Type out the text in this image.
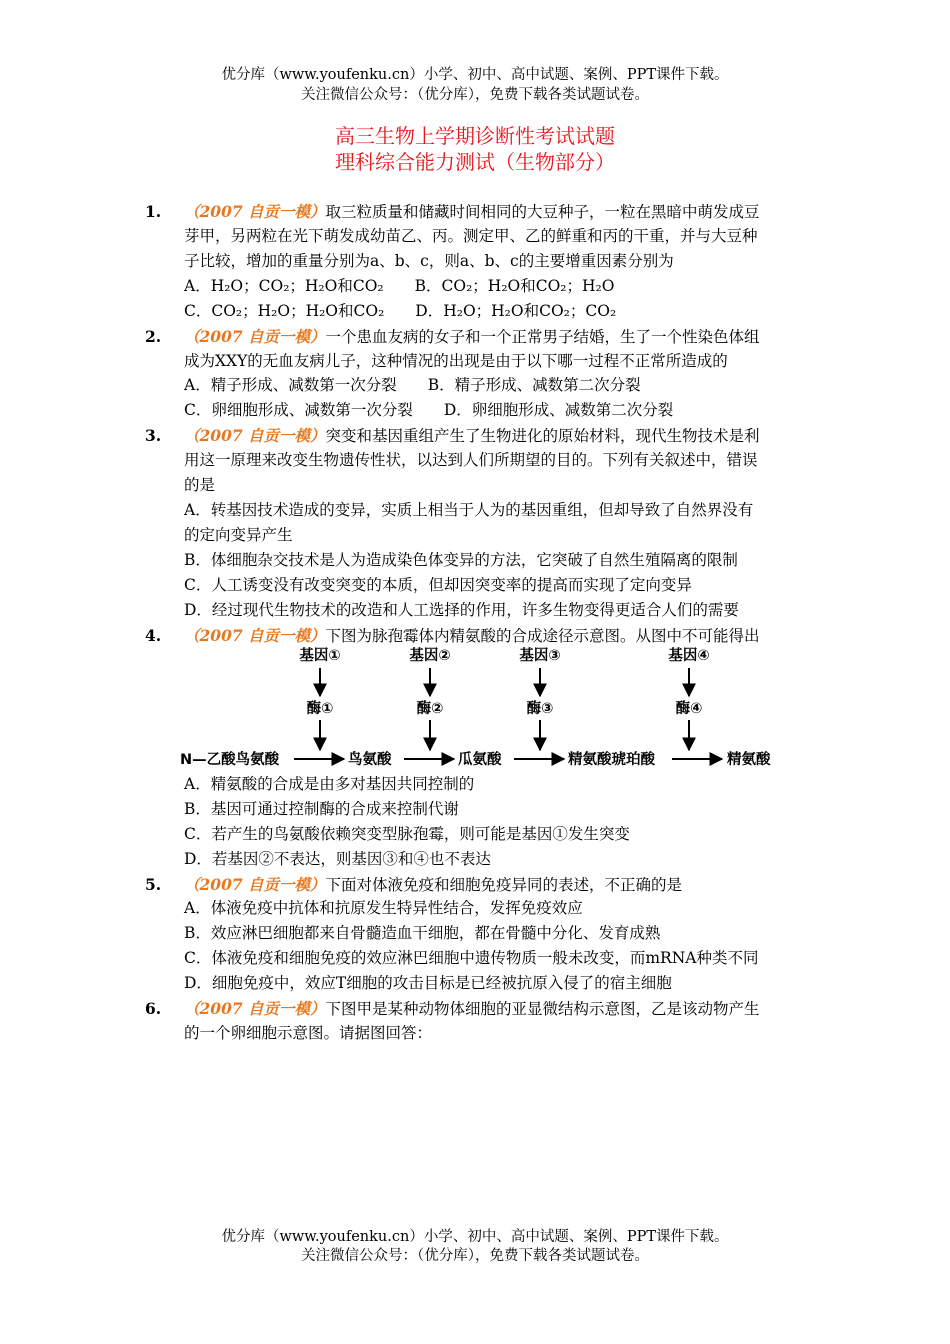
优分库（www.youfenku.cn）小学、初中、高中试题、案例、PPT课件下载。
关注微信公众号：（优分库），免费下载各类试题试卷。
高三生物上学期诊断性考试试题
理科综合能力测试（生物部分）
1. （2007 自贡一模）取三粒质量和储藏时间相同的大豆种子，一粒在黑暗中萌发成豆
芽甲，另两粒在光下萌发成幼苗乙、丙。测定甲、乙的鲜重和丙的干重，并与大豆种
子比较，增加的重量分别为a、b、c，则a、b、c的主要增重因素分别为
A．H₂O；CO₂；H₂O和CO₂　　B．CO₂；H₂O和CO₂；H₂O
C．CO₂；H₂O；H₂O和CO₂　　D．H₂O；H₂O和CO₂；CO₂
2. （2007 自贡一模）一个患血友病的女子和一个正常男子结婚，生了一个性染色体组
成为XXY的无血友病儿子，这种情况的出现是由于以下哪一过程不正常所造成的
A．精子形成、减数第一次分裂　　B．精子形成、减数第二次分裂
C．卵细胞形成、减数第一次分裂　　D．卵细胞形成、减数第二次分裂
3. （2007 自贡一模）突变和基因重组产生了生物进化的原始材料，现代生物技术是利
用这一原理来改变生物遗传性状，以达到人们所期望的目的。下列有关叙述中，错误
的是
A．转基因技术造成的变异，实质上相当于人为的基因重组，但却导致了自然界没有
的定向变异产生
B．体细胞杂交技术是人为造成染色体变异的方法，它突破了自然生殖隔离的限制
C．人工诱变没有改变突变的本质，但却因突变率的提高而实现了定向变异
D．经过现代生物技术的改造和人工选择的作用，许多生物变得更适合人们的需要
4. （2007 自贡一模）下图为脉孢霉体内精氨酸的合成途径示意图。从图中不可能得出
基因①	基因②	基因③	基因④
酶①	酶②	酶③	酶④
N—乙酸鸟氨酸	鸟氨酸	瓜氨酸	精氨酸琥珀酸	精氨酸
A．精氨酸的合成是由多对基因共同控制的
B．基因可通过控制酶的合成来控制代谢
C．若产生的鸟氨酸依赖突变型脉孢霉，则可能是基因①发生突变
D．若基因②不表达，则基因③和④也不表达
5. （2007 自贡一模）下面对体液免疫和细胞免疫异同的表述，不正确的是
A．体液免疫中抗体和抗原发生特异性结合，发挥免疫效应
B．效应淋巴细胞都来自骨髓造血干细胞，都在骨髓中分化、发育成熟
C．体液免疫和细胞免疫的效应淋巴细胞中遗传物质一般未改变，而mRNA种类不同
D．细胞免疫中，效应T细胞的攻击目标是已经被抗原入侵了的宿主细胞
6. （2007 自贡一模）下图甲是某种动物体细胞的亚显微结构示意图，乙是该动物产生
的一个卵细胞示意图。请据图回答：
优分库（www.youfenku.cn）小学、初中、高中试题、案例、PPT课件下载。
关注微信公众号：（优分库），免费下载各类试题试卷。
